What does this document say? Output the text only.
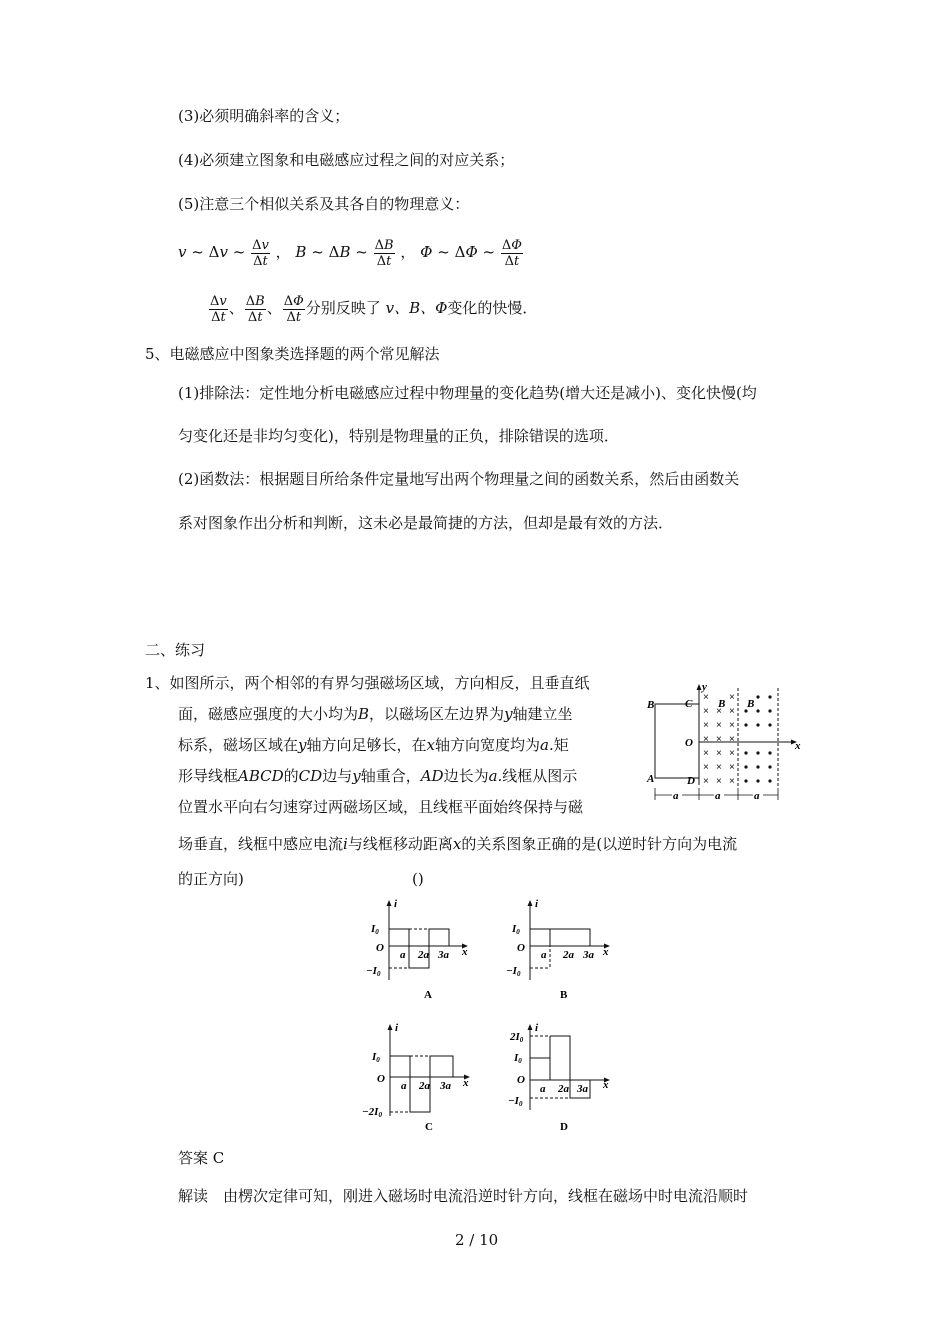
(3)必须明确斜率的含义；
(4)必须建立图象和电磁感应过程之间的对应关系；
(5)注意三个相似关系及其各自的物理意义：
v ~ Δv ~ $\frac{\Delta v}{\Delta t}$ ， B ~ ΔB ~ $\frac{\Delta B}{\Delta t}$ ， Φ ~ ΔΦ ~ $\frac{\Delta\Phi}{\Delta t}$
$\frac{\Delta v}{\Delta t}$ 、 $\frac{\Delta B}{\Delta t}$ 、 $\frac{\Delta\Phi}{\Delta t}$ 分别反映了 v、B、Φ变化的快慢．
5、电磁感应中图象类选择题的两个常见解法
(1)排除法：定性地分析电磁感应过程中物理量的变化趋势(增大还是减小)、变化快慢(均
匀变化还是非均匀变化)，特别是物理量的正负，排除错误的选项．
(2)函数法：根据题目所给条件定量地写出两个物理量之间的函数关系，然后由函数关
系对图象作出分析和判断，这未必是最简捷的方法，但却是最有效的方法．
二、练习
1、如图所示，两个相邻的有界匀强磁场区域，方向相反，且垂直纸
面，磁感应强度的大小均为B，以磁场区左边界为y轴建立坐
标系，磁场区域在y轴方向足够长，在x轴方向宽度均为a.矩
形导线框ABCD的CD边与y轴重合，AD边长为a.线框从图示
位置水平向右匀速穿过两磁场区域，且线框平面始终保持与磁
场垂直，线框中感应电流i与线框移动距离x的关系图象正确的是(以逆时针方向为电流
的正方向)	()
× ×
× × ×
× × ×
× × ×
× × ×
× × ×
× × ×
B	C B B
O	x
y
A	D
a	a	a
i
x
I0
O
−I0
a 2a 3a
A
i
x
I0
O
−I0
a 2a 3a
B
i
x
I0
O
−2I0
a 2a 3a
C
i
x
2I0
I0
O
−I0
a 2a 3a
D
答案 C
解读　由楞次定律可知，刚进入磁场时电流沿逆时针方向，线框在磁场中时电流沿顺时
2 / 10
